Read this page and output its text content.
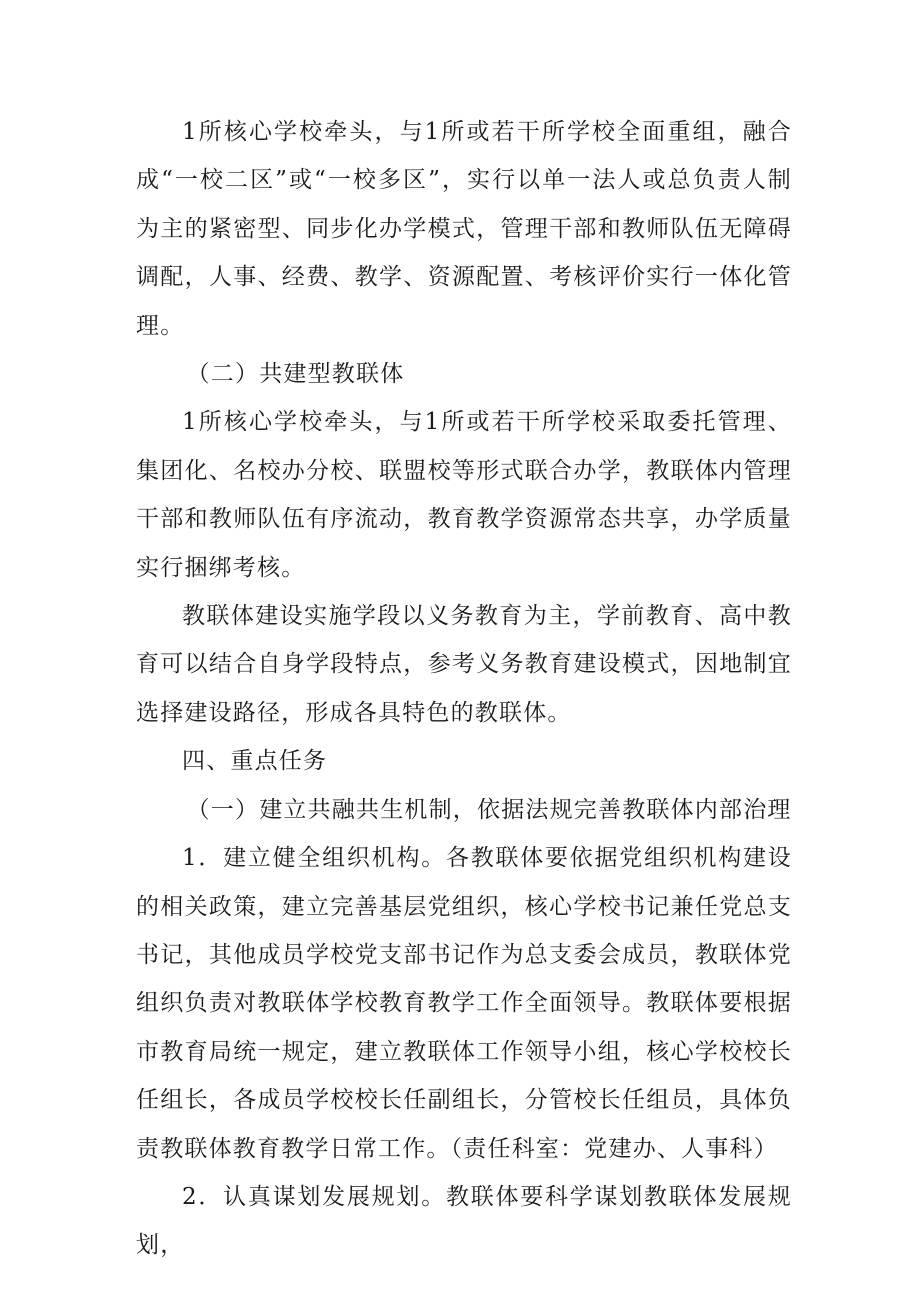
1所核心学校牵头，与1所或若干所学校全面重组，融合成“一校二区”或“一校多区”，实行以单一法人或总负责人制为主的紧密型、同步化办学模式，管理干部和教师队伍无障碍调配，人事、经费、教学、资源配置、考核评价实行一体化管理。

（二）共建型教联体

1所核心学校牵头，与1所或若干所学校采取委托管理、集团化、名校办分校、联盟校等形式联合办学，教联体内管理干部和教师队伍有序流动，教育教学资源常态共享，办学质量实行捆绑考核。

教联体建设实施学段以义务教育为主，学前教育、高中教育可以结合自身学段特点，参考义务教育建设模式，因地制宜选择建设路径，形成各具特色的教联体。

四、重点任务

（一）建立共融共生机制，依据法规完善教联体内部治理

1．建立健全组织机构。各教联体要依据党组织机构建设的相关政策，建立完善基层党组织，核心学校书记兼任党总支书记，其他成员学校党支部书记作为总支委会成员，教联体党组织负责对教联体学校教育教学工作全面领导。教联体要根据市教育局统一规定，建立教联体工作领导小组，核心学校校长任组长，各成员学校校长任副组长，分管校长任组员，具体负责教联体教育教学日常工作。（责任科室：党建办、人事科）

2．认真谋划发展规划。教联体要科学谋划教联体发展规划，
